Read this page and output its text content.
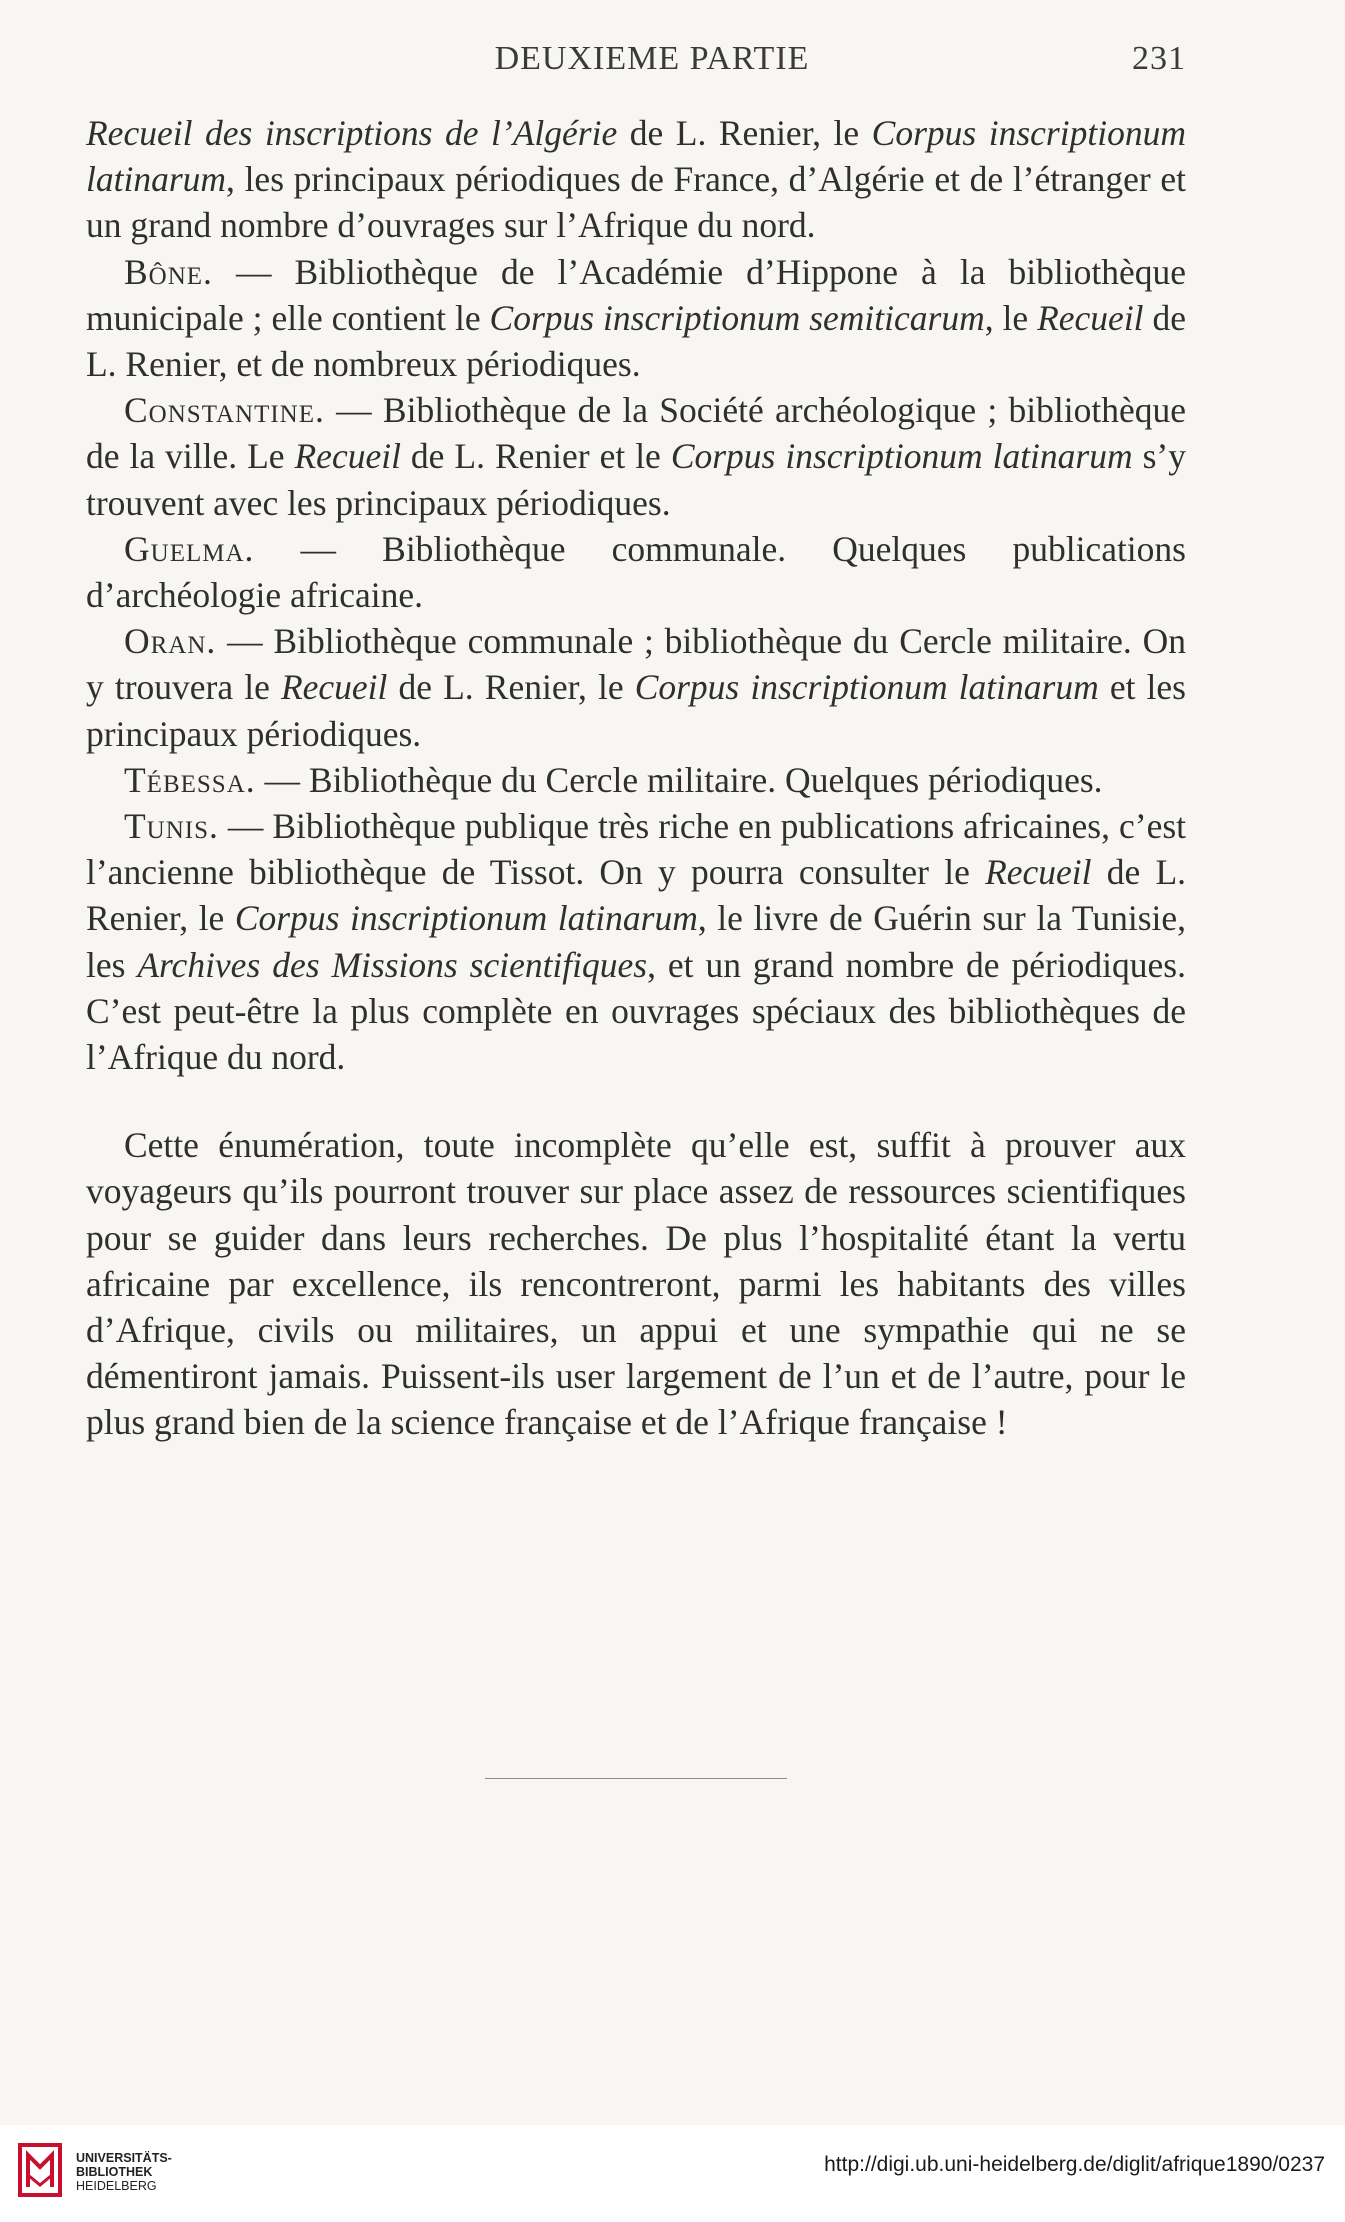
DEUXIEME PARTIE	231

Recueil des inscriptions de l’Algérie de L. Renier, le Corpus inscriptionum latinarum, les principaux périodiques de France, d’Algérie et de l’étranger et un grand nombre d’ouvrages sur l’Afrique du nord.

Bône. — Bibliothèque de l’Académie d’Hippone à la bibliothèque municipale ; elle contient le Corpus inscriptionum semiticarum, le Recueil de L. Renier, et de nombreux périodiques.

Constantine. — Bibliothèque de la Société archéologique ; bibliothèque de la ville. Le Recueil de L. Renier et le Corpus inscriptionum latinarum s’y trouvent avec les principaux périodiques.

Guelma. — Bibliothèque communale. Quelques publications d’archéologie africaine.

Oran. — Bibliothèque communale ; bibliothèque du Cercle militaire. On y trouvera le Recueil de L. Renier, le Corpus inscriptionum latinarum et les principaux périodiques.

Tébessa. — Bibliothèque du Cercle militaire. Quelques périodiques.

Tunis. — Bibliothèque publique très riche en publications africaines, c’est l’ancienne bibliothèque de Tissot. On y pourra consulter le Recueil de L. Renier, le Corpus inscriptionum latinarum, le livre de Guérin sur la Tunisie, les Archives des Missions scientifiques, et un grand nombre de périodiques. C’est peut-être la plus complète en ouvrages spéciaux des bibliothèques de l’Afrique du nord.

Cette énumération, toute incomplète qu’elle est, suffit à prouver aux voyageurs qu’ils pourront trouver sur place assez de ressources scientifiques pour se guider dans leurs recherches. De plus l’hospitalité étant la vertu africaine par excellence, ils rencontreront, parmi les habitants des villes d’Afrique, civils ou militaires, un appui et une sympathie qui ne se démentiront jamais. Puissent-ils user largement de l’un et de l’autre, pour le plus grand bien de la science française et de l’Afrique française !

UNIVERSITÄTS-
BIBLIOTHEK
HEIDELBERG
http://digi.ub.uni-heidelberg.de/diglit/afrique1890/0237
